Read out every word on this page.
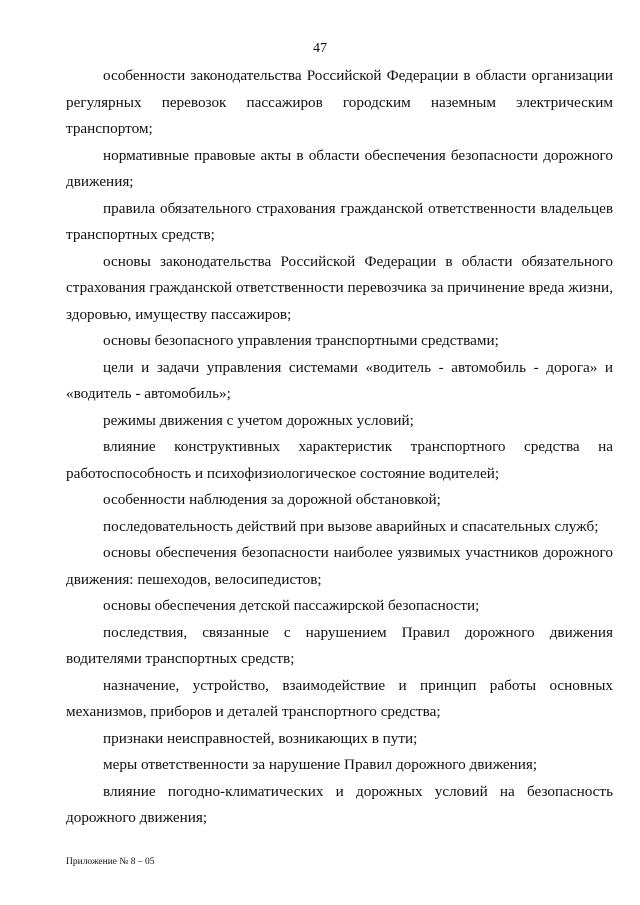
47

особенности законодательства Российской Федерации в области организации регулярных перевозок пассажиров городским наземным электрическим транспортом;

нормативные правовые акты в области обеспечения безопасности дорожного движения;

правила обязательного страхования гражданской ответственности владельцев транспортных средств;

основы законодательства Российской Федерации в области обязательного страхования гражданской ответственности перевозчика за причинение вреда жизни, здоровью, имуществу пассажиров;

основы безопасного управления транспортными средствами;

цели и задачи управления системами «водитель - автомобиль - дорога» и «водитель - автомобиль»;

режимы движения с учетом дорожных условий;

влияние конструктивных характеристик транспортного средства на работоспособность и психофизиологическое состояние водителей;

особенности наблюдения за дорожной обстановкой;

последовательность действий при вызове аварийных и спасательных служб;

основы обеспечения безопасности наиболее уязвимых участников дорожного движения: пешеходов, велосипедистов;

основы обеспечения детской пассажирской безопасности;

последствия, связанные с нарушением Правил дорожного движения водителями транспортных средств;

назначение, устройство, взаимодействие и принцип работы основных механизмов, приборов и деталей транспортного средства;

признаки неисправностей, возникающих в пути;

меры ответственности за нарушение Правил дорожного движения;

влияние погодно-климатических и дорожных условий на безопасность дорожного движения;

Приложение № 8 – 05
